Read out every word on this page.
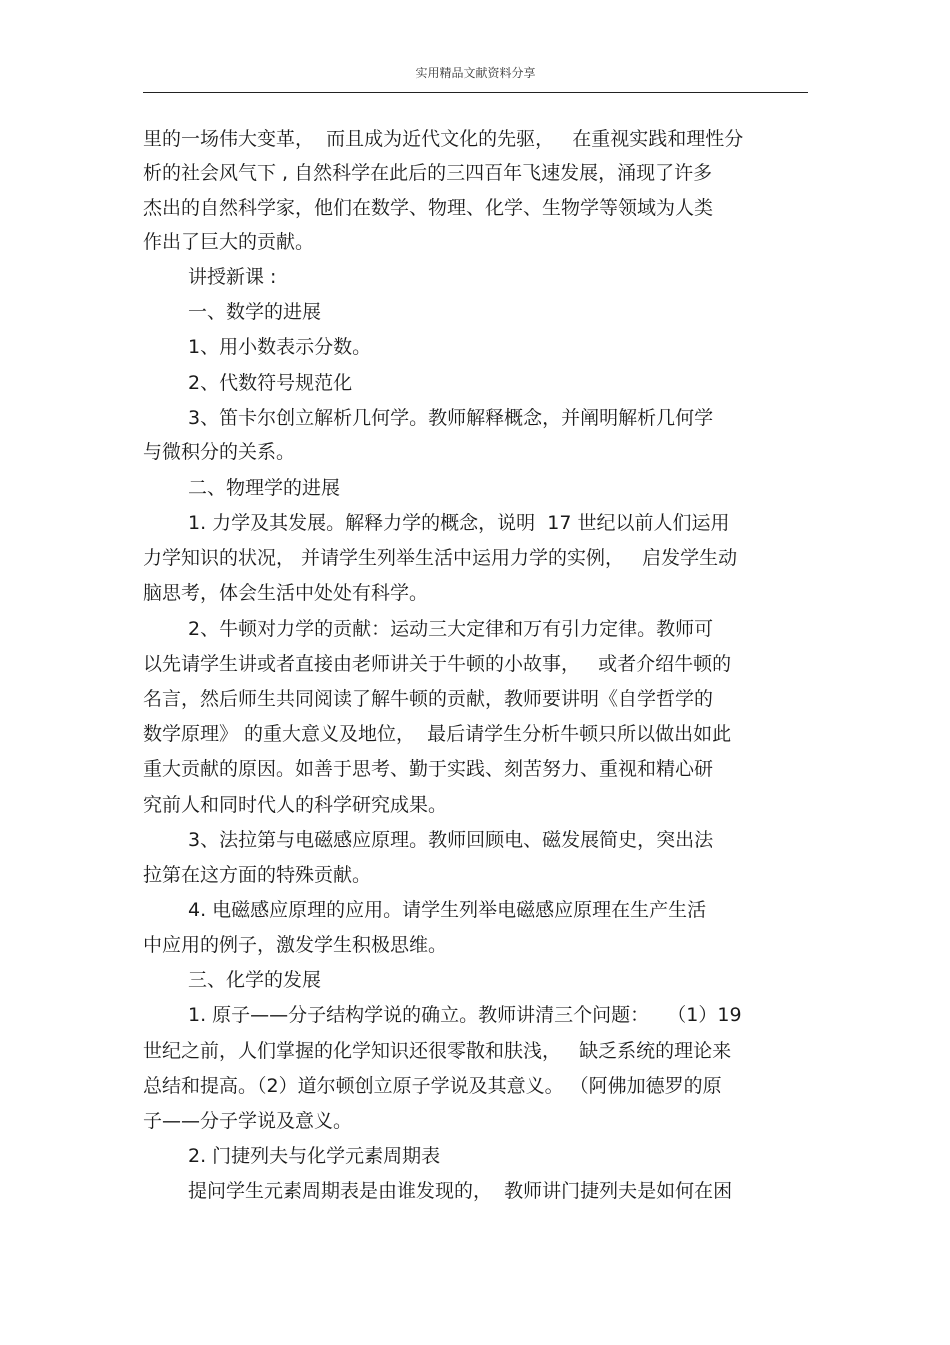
实用精品文献资料分享
里的一场伟大变革，  而且成为近代文化的先驱，   在重视实践和理性分
析的社会风气下 , 自然科学在此后的三四百年飞速发展，涌现了许多
杰出的自然科学家，他们在数学、物理、化学、生物学等领域为人类
作出了巨大的贡献。
讲授新课 :
一、数学的进展
1、用小数表示分数。
2、代数符号规范化
3、笛卡尔创立解析几何学。教师解释概念，并阐明解析几何学
与微积分的关系。
二、物理学的进展
1. 力学及其发展。解释力学的概念，说明  17 世纪以前人们运用
力学知识的状况， 并请学生列举生活中运用力学的实例，   启发学生动
脑思考，体会生活中处处有科学。
2、牛顿对力学的贡献：运动三大定律和万有引力定律。教师可
以先请学生讲或者直接由老师讲关于牛顿的小故事，   或者介绍牛顿的
名言，然后师生共同阅读了解牛顿的贡献，教师要讲明《自学哲学的
数学原理》 的重大意义及地位，  最后请学生分析牛顿只所以做出如此
重大贡献的原因。如善于思考、勤于实践、刻苦努力、重视和精心研
究前人和同时代人的科学研究成果。
3、法拉第与电磁感应原理。教师回顾电、磁发展简史，突出法
拉第在这方面的特殊贡献。
4. 电磁感应原理的应用。请学生列举电磁感应原理在生产生活
中应用的例子，激发学生积极思维。
三、化学的发展
1. 原子——分子结构学说的确立。教师讲清三个问题：   （1）19
世纪之前，人们掌握的化学知识还很零散和肤浅，   缺乏系统的理论来
总结和提高。（2）道尔顿创立原子学说及其意义。 （阿佛加德罗的原
子——分子学说及意义。
2. 门捷列夫与化学元素周期表
提问学生元素周期表是由谁发现的，  教师讲门捷列夫是如何在困
